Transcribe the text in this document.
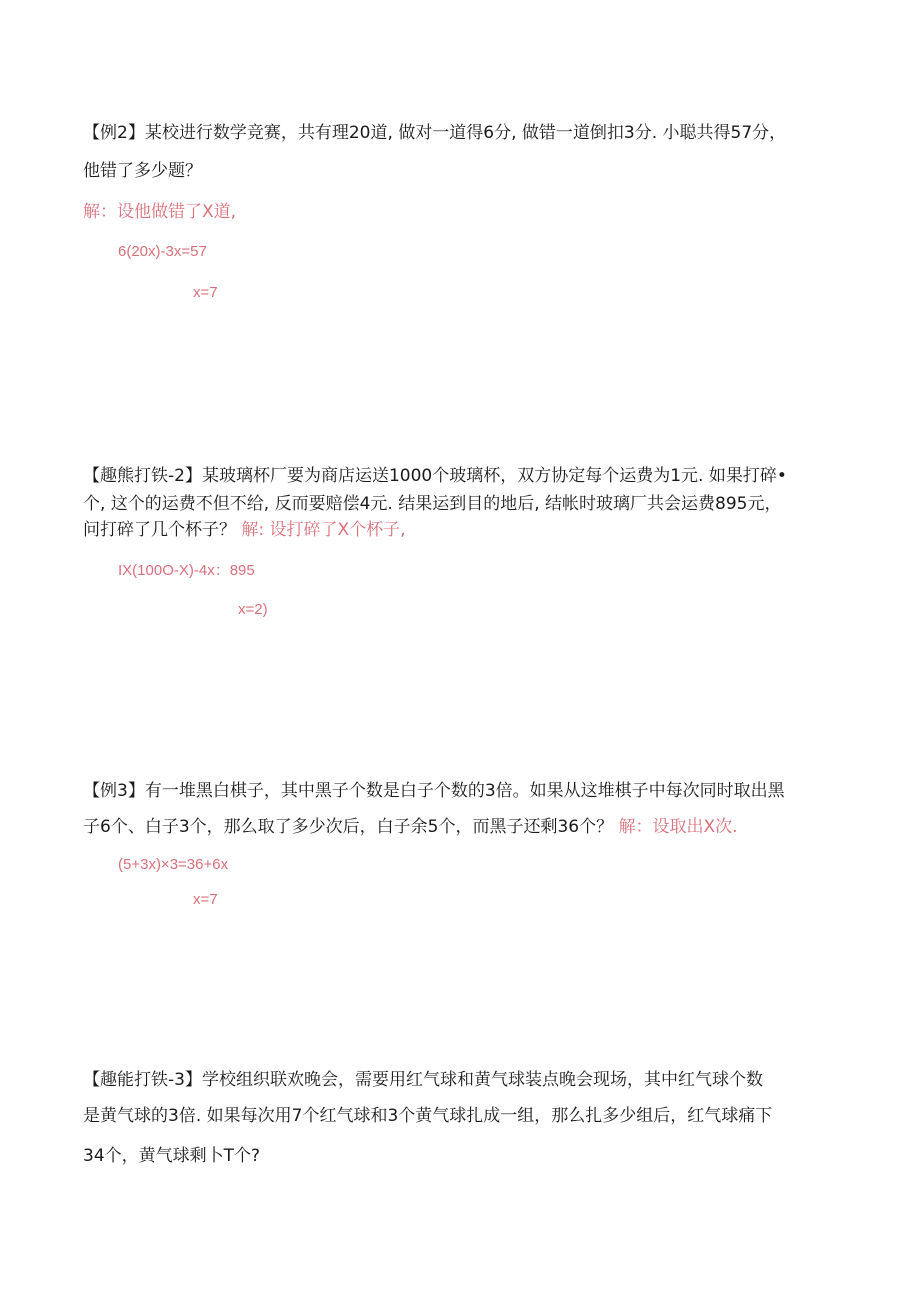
【例2】某校进行数学竞赛，共有理20道, 做对一道得6分, 做错一道倒扣3分. 小聪共得57分，
他错了多少题？
解：设他做错了X道,
6(20x)-3x=57
x=7
【趣熊打铁-2】某玻璃杯厂要为商店运送1000个玻璃杯，双方协定每个运费为1元. 如果打碎•
个, 这个的运费不但不给, 反而要赔偿4元. 结果运到目的地后, 结帐时玻璃厂共会运费895元，
问打碎了几个杯子？ 解: 设打碎了X个杯子,
IX(100O-X)-4x：895
x=2)
【例3】有一堆黑白棋子，其中黑子个数是白子个数的3倍。如果从这堆棋子中每次同时取出黑
子6个、白子3个，那么取了多少次后，白子余5个，而黑子还剩36个？ 解：设取出X次.
(5+3x)×3=36+6x
x=7
【趣能打铁-3】学校组织联欢晚会，需要用红气球和黄气球装点晚会现场，其中红气球个数
是黄气球的3倍. 如果每次用7个红气球和3个黄气球扎成一组，那么扎多少组后，红气球痛下
34个，黄气球剩卜T个?
